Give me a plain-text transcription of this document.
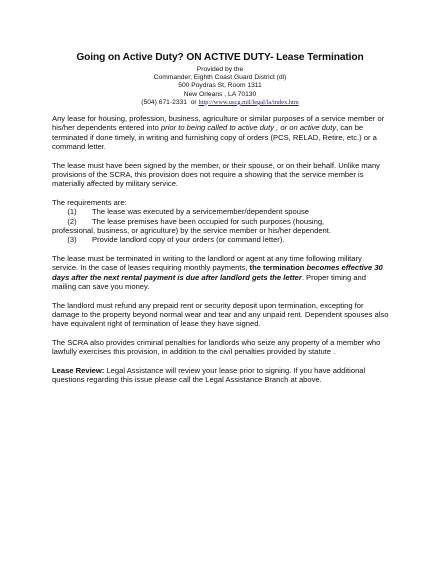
Going on Active Duty? ON ACTIVE DUTY- Lease Termination
Provided by the
Commander, Eighth Coast Guard District (dl)
500 Poydras St, Room 1311
New Orleans , LA 70130
(504) 671-2331 or http://www.uscg.mil/legal/la/index.htm

Any lease for housing, profession, business, agriculture or similar purposes of a service member or his/her dependents entered into prior to being called to active duty , or on active duty, can be terminated if done timely, in writing and furnishing copy of orders (PCS, RELAD, Retire, etc.) or a command letter.

The lease must have been signed by the member, or their spouse, or on their behalf. Unlike many provisions of the SCRA, this provision does not require a showing that the service member is materially affected by military service.

The requirements are:
(1)	The lease was executed by a servicemember/dependent spouse
(2)	The lease premises have been occupied for such purposes (housing,
professional, business, or agriculture) by the service member or his/her dependent.
(3)	Provide landlord copy of your orders (or command letter).

The lease must be terminated in writing to the landlord or agent at any time following military service. In the case of leases requiring monthly payments, the termination becomes effective 30 days after the next rental payment is due after landlord gets the letter. Proper timing and mailing can save you money.

The landlord must refund any prepaid rent or security deposit upon termination, excepting for damage to the property beyond normal wear and tear and any unpaid rent. Dependent spouses also have equivalent right of termination of lease they have signed.

The SCRA also provides criminal penalties for landlords who seize any property of a member who lawfully exercises this provision, in addition to the civil penalties provided by statute .

Lease Review: Legal Assistance will review your lease prior to signing. If you have additional questions regarding this issue please call the Legal Assistance Branch at above.
